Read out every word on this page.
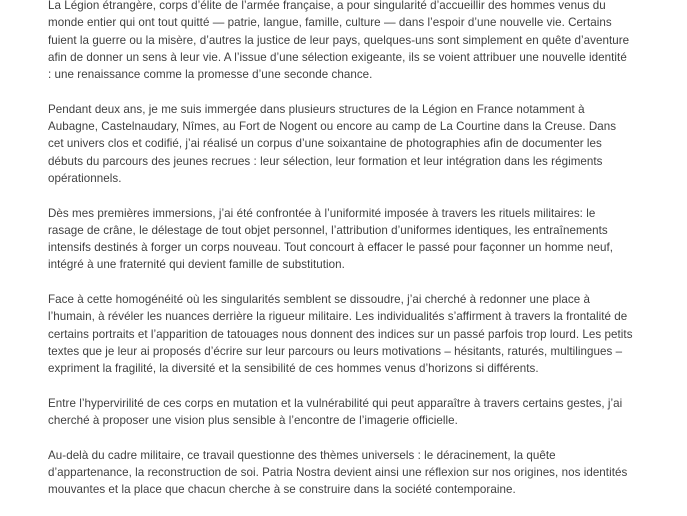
La Légion étrangère, corps d’élite de l’armée française, a pour singularité d’accueillir des hommes venus du monde entier qui ont tout quitté — patrie, langue, famille, culture — dans l’espoir d’une nouvelle vie. Certains fuient la guerre ou la misère, d’autres la justice de leur pays, quelques-uns sont simplement en quête d’aventure afin de donner un sens à leur vie. A l’issue d’une sélection exigeante, ils se voient attribuer une nouvelle identité : une renaissance comme la promesse d’une seconde chance.

Pendant deux ans, je me suis immergée dans plusieurs structures de la Légion en France notamment à Aubagne, Castelnaudary, Nîmes, au Fort de Nogent ou encore au camp de La Courtine dans la Creuse. Dans cet univers clos et codifié, j’ai réalisé un corpus d’une soixantaine de photographies afin de documenter les débuts du parcours des jeunes recrues : leur sélection, leur formation et leur intégration dans les régiments opérationnels.

Dès mes premières immersions, j’ai été confrontée à l’uniformité imposée à travers les rituels militaires: le rasage de crâne, le délestage de tout objet personnel, l’attribution d’uniformes identiques, les entraînements intensifs destinés à forger un corps nouveau. Tout concourt à effacer le passé pour façonner un homme neuf, intégré à une fraternité qui devient famille de substitution.

Face à cette homogénéité où les singularités semblent se dissoudre, j’ai cherché à redonner une place à l’humain, à révéler les nuances derrière la rigueur militaire. Les individualités s’affirment à travers la frontalité de certains portraits et l’apparition de tatouages nous donnent des indices sur un passé parfois trop lourd. Les petits textes que je leur ai proposés d’écrire sur leur parcours ou leurs motivations – hésitants, raturés, multilingues – expriment la fragilité, la diversité et la sensibilité de ces hommes venus d’horizons si différents.

Entre l’hypervirilité de ces corps en mutation et la vulnérabilité qui peut apparaître à travers certains gestes, j’ai cherché à proposer une vision plus sensible à l’encontre de l’imagerie officielle.

Au-delà du cadre militaire, ce travail questionne des thèmes universels : le déracinement, la quête d’appartenance, la reconstruction de soi. Patria Nostra devient ainsi une réflexion sur nos origines, nos identités mouvantes et la place que chacun cherche à se construire dans la société contemporaine.
